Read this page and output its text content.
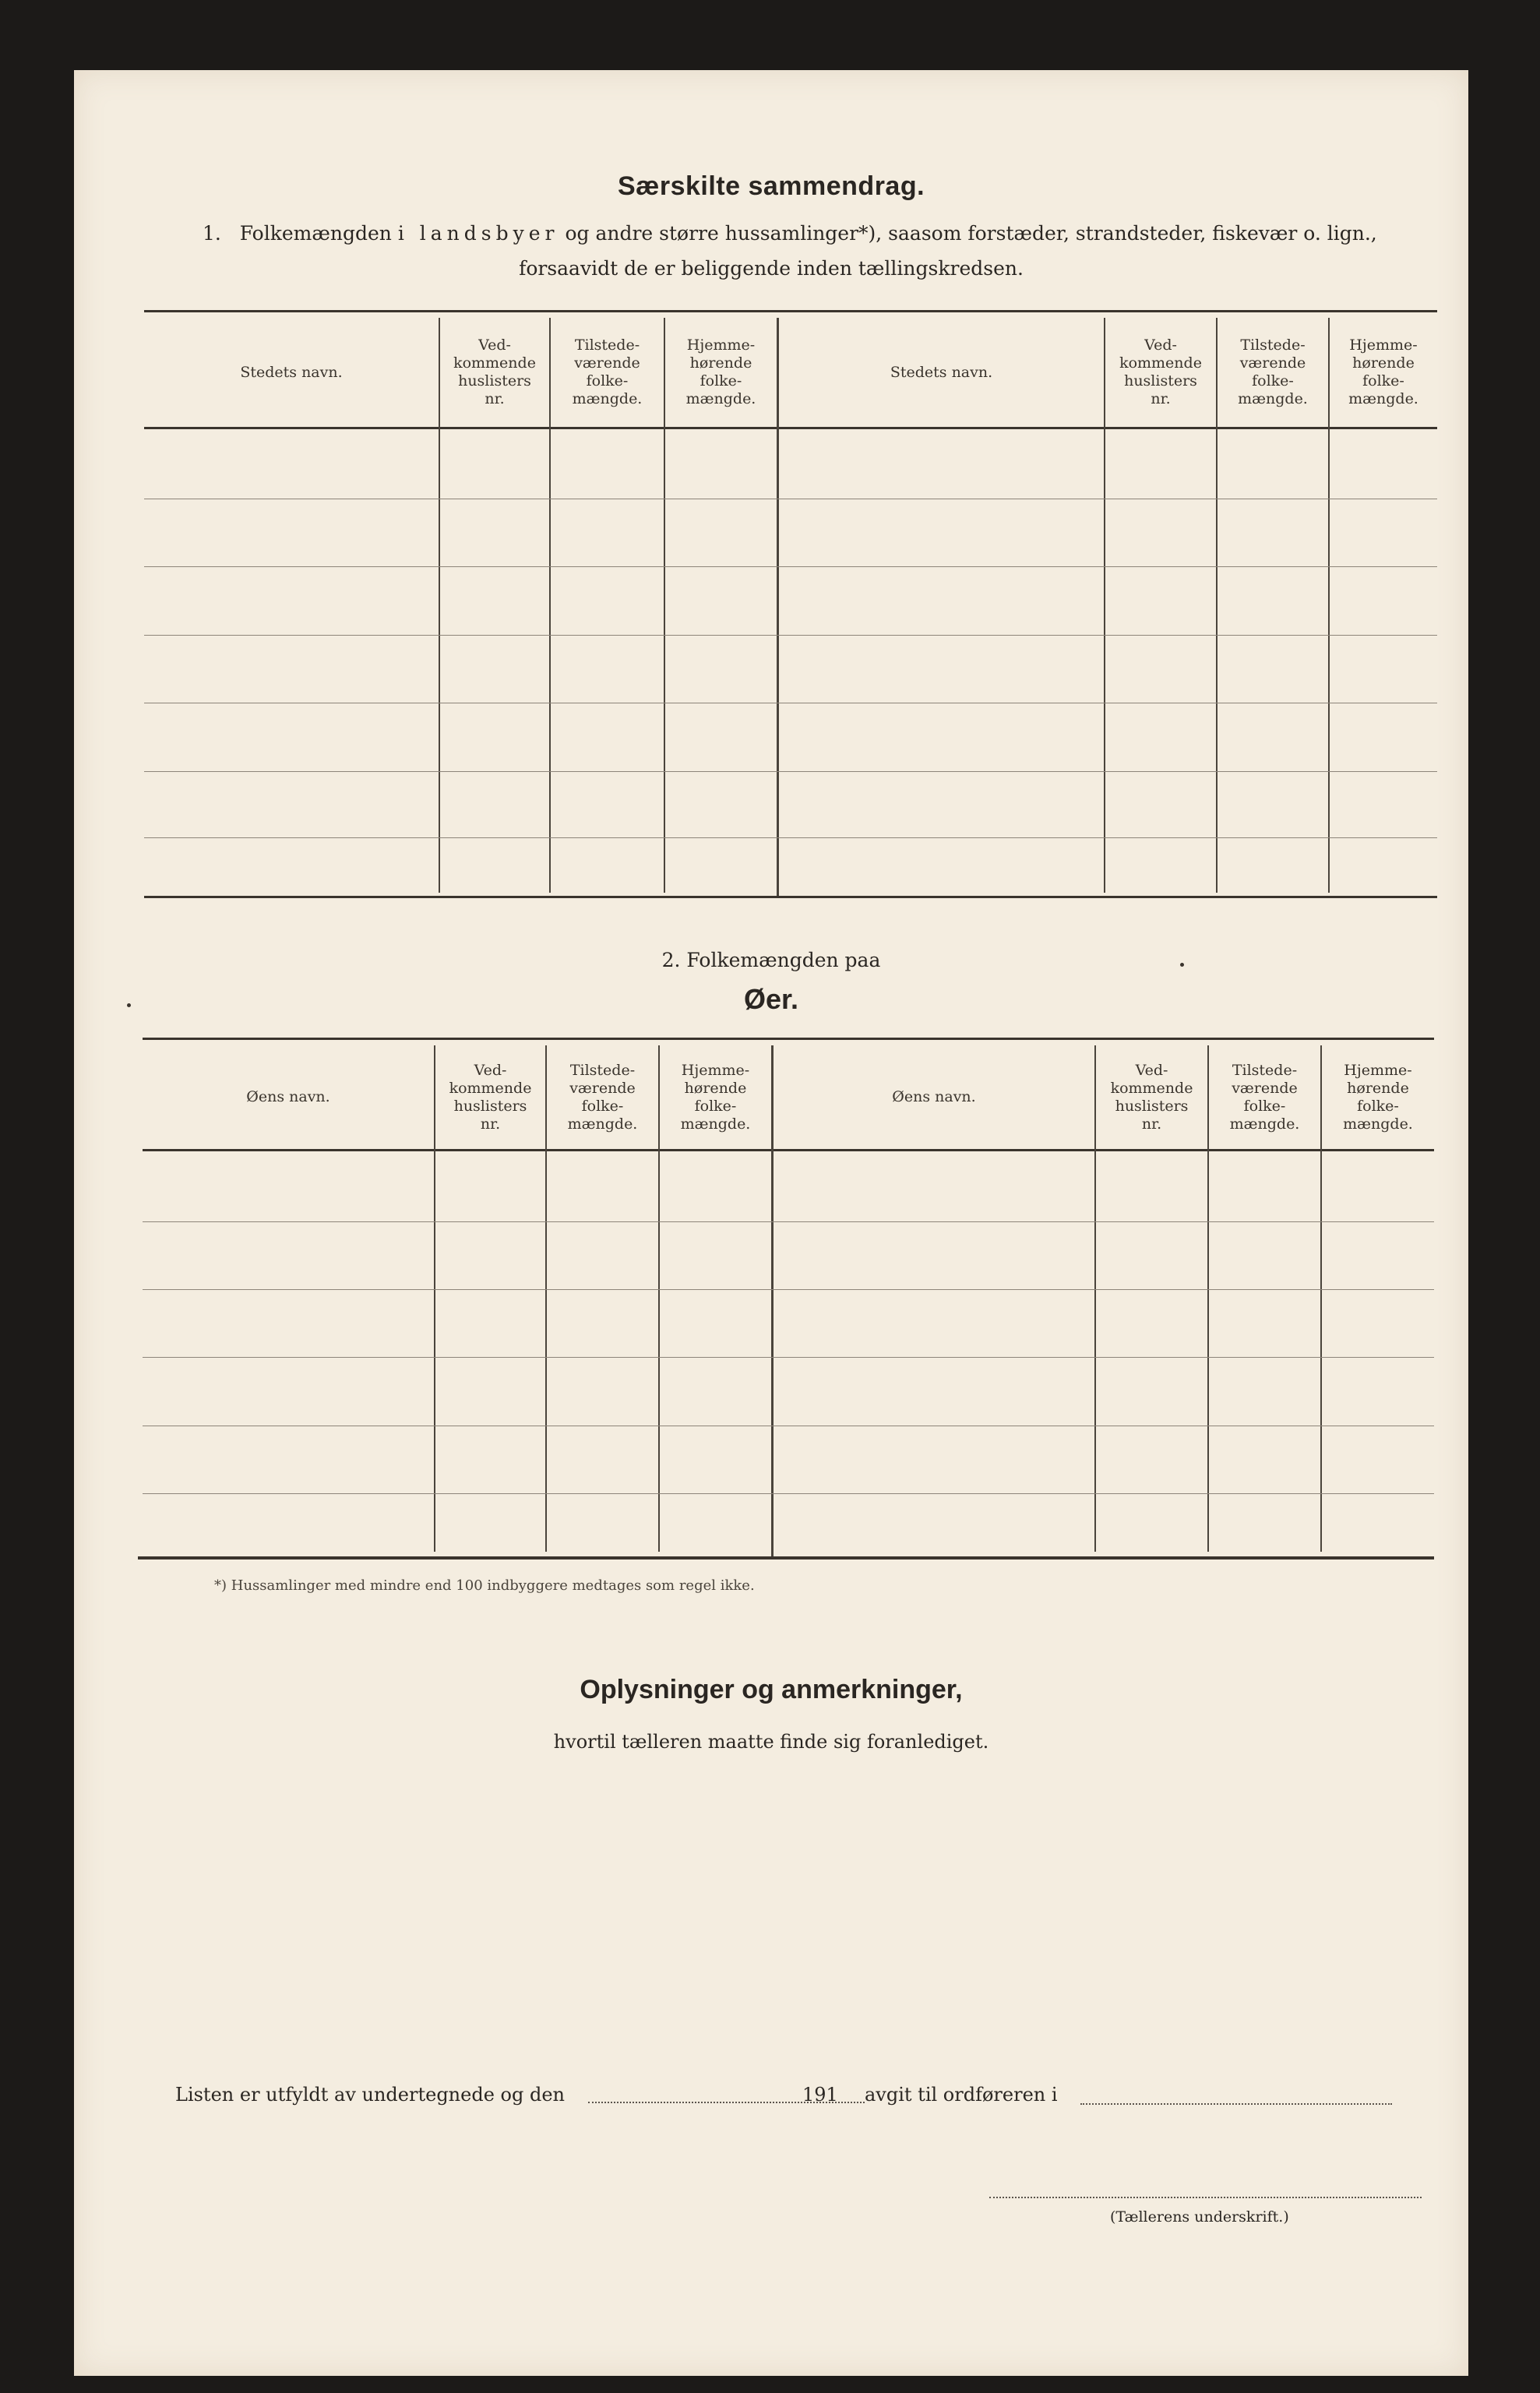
Særskilte sammendrag.
1. Folkemængden i landsbyer og andre større hussamlinger*), saasom forstæder, strandsteder, fiskevær o. lign.,
forsaavidt de er beliggende inden tællingskredsen.
Stedets navn.
Ved-
kommende
huslisters
nr.
Tilstede-
værende
folke-
mængde.
Hjemme-
hørende
folke-
mængde.
Stedets navn.
Ved-
kommende
huslisters
nr.
Tilstede-
værende
folke-
mængde.
Hjemme-
hørende
folke-
mængde.
2. Folkemængden paa
Øer.
Øens navn.
Ved-
kommende
huslisters
nr.
Tilstede-
værende
folke-
mængde.
Hjemme-
hørende
folke-
mængde.
Øens navn.
Ved-
kommende
huslisters
nr.
Tilstede-
værende
folke-
mængde.
Hjemme-
hørende
folke-
mængde.
*) Hussamlinger med mindre end 100 indbyggere medtages som regel ikke.
Oplysninger og anmerkninger,
hvortil tælleren maatte finde sig foranlediget.
Listen er utfyldt av undertegnede og den	191 avgit til ordføreren i
(Tællerens underskrift.)
